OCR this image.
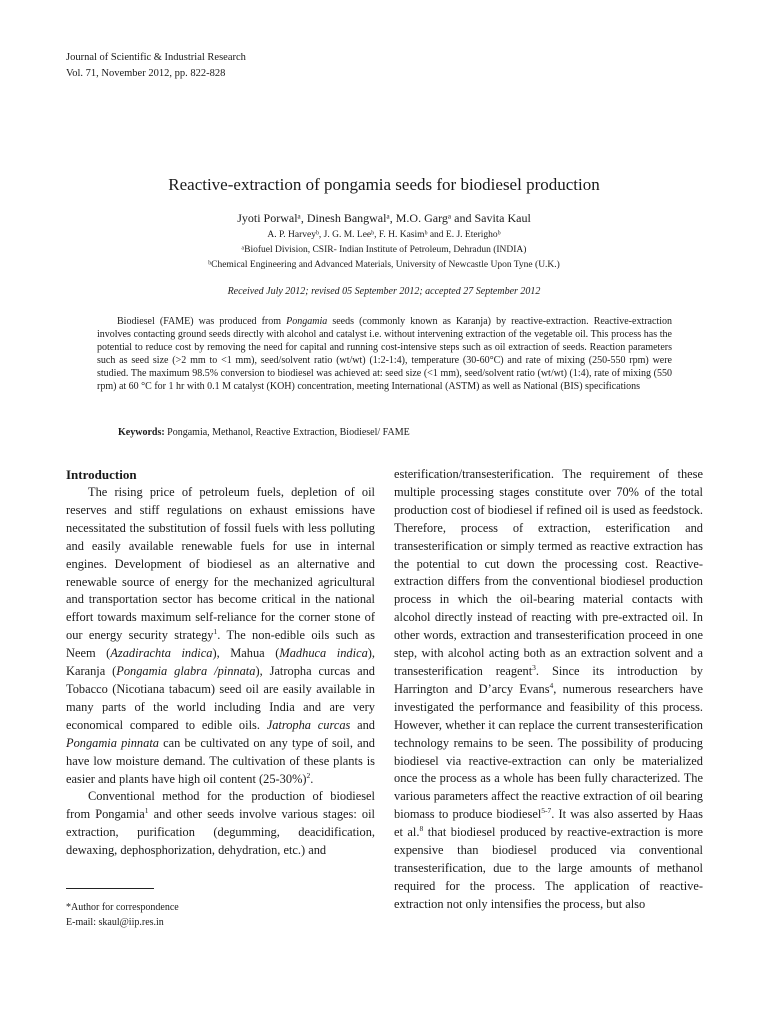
Journal of Scientific & Industrial Research
Vol. 71, November 2012, pp. 822-828
Reactive-extraction of pongamia seeds for biodiesel production
Jyoti Porwalᵃ, Dinesh Bangwalᵃ, M.O. Gargᵃ and Savita Kaul
A. P. Harveyᵇ, J. G. M. Leeᵇ, F. H. Kasimᵇ and E. J. Eterighoᵇ
ᵃBiofuel Division, CSIR- Indian Institute of Petroleum, Dehradun (INDIA)
ᵇChemical Engineering and Advanced Materials, University of Newcastle Upon Tyne (U.K.)
Received July 2012; revised 05 September 2012; accepted 27 September 2012

Biodiesel (FAME) was produced from Pongamia seeds (commonly known as Karanja) by reactive-extraction. Reactive-extraction involves contacting ground seeds directly with alcohol and catalyst i.e. without intervening extraction of the vegetable oil. This process has the potential to reduce cost by removing the need for capital and running cost-intensive steps such as oil extraction of seeds. Reaction parameters such as seed size (>2 mm to <1 mm), seed/solvent ratio (wt/wt) (1:2-1:4), temperature (30-60°C) and rate of mixing (250-550 rpm) were studied. The maximum 98.5% conversion to biodiesel was achieved at: seed size (<1 mm), seed/solvent ratio (wt/wt) (1:4), rate of mixing (550 rpm) at 60 °C for 1 hr with 0.1 M catalyst (KOH) concentration, meeting International (ASTM) as well as National (BIS) specifications

Keywords: Pongamia, Methanol, Reactive Extraction, Biodiesel/ FAME
Introduction

The rising price of petroleum fuels, depletion of oil reserves and stiff regulations on exhaust emissions have necessitated the substitution of fossil fuels with less polluting and easily available renewable fuels for use in internal engines. Development of biodiesel as an alternative and renewable source of energy for the mechanized agricultural and transportation sector has become critical in the national effort towards maximum self-reliance for the corner stone of our energy security strategy$^1$. The non-edible oils such as Neem (Azadirachta indica), Mahua (Madhuca indica), Karanja (Pongamia glabra /pinnata), Jatropha curcas and Tobacco (Nicotiana tabacum) seed oil are easily available in many parts of the world including India and are very economical compared to edible oils. Jatropha curcas and Pongamia pinnata can be cultivated on any type of soil, and have low moisture demand. The cultivation of these plants is easier and plants have high oil content $(25-30\%)^2$.

Conventional method for the production of biodiesel from Pongamia$^1$ and other seeds involve various stages: oil extraction, purification (degumming, deacidification, dewaxing, dephosphorization, dehydration, etc.) and

esterification/transesterification. The requirement of these multiple processing stages constitute over 70% of the total production cost of biodiesel if refined oil is used as feedstock. Therefore, process of extraction, esterification and transesterification or simply termed as reactive extraction has the potential to cut down the processing cost. Reactive-extraction differs from the conventional biodiesel production process in which the oil-bearing material contacts with alcohol directly instead of reacting with pre-extracted oil. In other words, extraction and transesterification proceed in one step, with alcohol acting both as an extraction solvent and a transesterification reagent$^3$. Since its introduction by Harrington and D’arcy Evans$^4$, numerous researchers have investigated the performance and feasibility of this process. However, whether it can replace the current transesterification technology remains to be seen. The possibility of producing biodiesel via reactive-extraction can only be materialized once the process as a whole has been fully characterized. The various parameters affect the reactive extraction of oil bearing biomass to produce biodiesel$^{5-7}$. It was also asserted by Haas et al.$^8$ that biodiesel produced by reactive-extraction is more expensive than biodiesel produced via conventional transesterification, due to the large amounts of methanol required for the process. The application of reactive-extraction not only intensifies the process, but also

*Author for correspondence
E-mail: skaul@iip.res.in
